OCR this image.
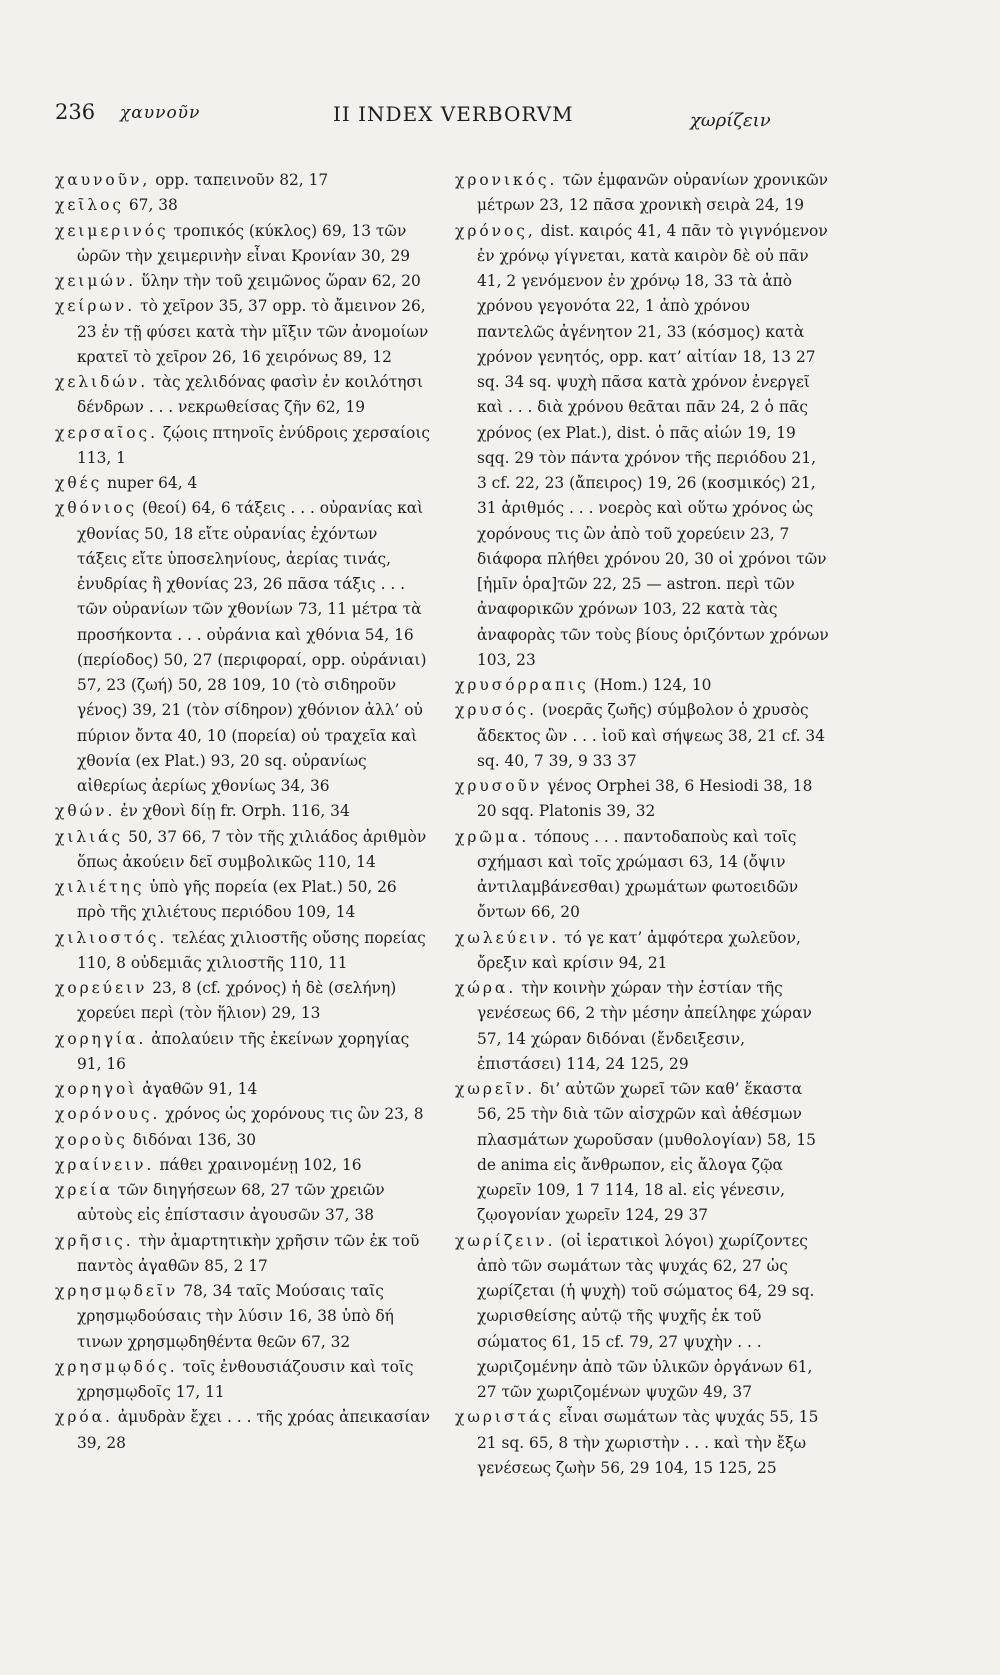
236 χαυνοῦν	II INDEX VERBORVM	χωρίζειν

χαυνοῦν, opp. ταπεινοῦν 82, 17

χεῖλος 67, 38

χειμερινός τροπικός (κύκλος) 69, 13 τῶν ὡρῶν τὴν χειμερινὴν εἶναι Κρονίαν 30, 29

χειμών. ὕλην τὴν τοῦ χειμῶνος ὥραν 62, 20

χείρων. τὸ χεῖρον 35, 37 opp. τὸ ἄμεινον 26, 23 ἐν τῇ φύσει κατὰ τὴν μῖξιν τῶν ἀνομοίων κρατεῖ τὸ χεῖρον 26, 16 χειρόνως 89, 12

χελιδών. τὰς χελιδόνας φασὶν ἐν κοιλότησι δένδρων . . . νεκρωθείσας ζῆν 62, 19

χερσαῖος. ζῴοις πτηνοῖς ἐνύδροις χερσαίοις 113, 1

χθές nuper 64, 4

χθόνιος (θεοί) 64, 6 τάξεις . . . οὐρανίας καὶ χθονίας 50, 18 εἴτε οὐρανίας ἐχόντων τάξεις εἴτε ὑποσεληνίους, ἀερίας τινάς, ἐνυδρίας ἢ χθονίας 23, 26 πᾶσα τάξις . . . τῶν οὐρανίων τῶν χθονίων 73, 11 μέτρα τὰ προσήκοντα . . . οὐράνια καὶ χθόνια 54, 16 (περίοδος) 50, 27 (περιφοραί, opp. οὐράνιαι) 57, 23 (ζωή) 50, 28 109, 10 (τὸ σιδηροῦν γένος) 39, 21 (τὸν σίδηρον) χθόνιον ἀλλ’ οὐ πύριον ὄντα 40, 10 (πορεία) οὐ τραχεῖα καὶ χθονία (ex Plat.) 93, 20 sq. οὐρανίως αἰθερίως ἀερίως χθονίως 34, 36

χθών. ἐν χθονὶ δίῃ fr. Orph. 116, 34

χιλιάς 50, 37 66, 7 τὸν τῆς χιλιάδος ἀριθμὸν ὅπως ἀκούειν δεῖ συμβολικῶς 110, 14

χιλιέτης ὑπὸ γῆς πορεία (ex Plat.) 50, 26 πρὸ τῆς χιλιέτους περιόδου 109, 14

χιλιοστός. τελέας χιλιοστῆς οὔσης πορείας 110, 8 οὐδεμιᾶς χιλιοστῆς 110, 11

χορεύειν 23, 8 (cf. χρόνος) ἡ δὲ (σελήνη) χορεύει περὶ (τὸν ἥλιον) 29, 13

χορηγία. ἀπολαύειν τῆς ἐκείνων χορηγίας 91, 16

χορηγοὶ ἀγαθῶν 91, 14

χορόνους. χρόνος ὡς χορόνους τις ὢν 23, 8

χοροὺς διδόναι 136, 30

χραίνειν. πάθει χραινομένῃ 102, 16

χρεία τῶν διηγήσεων 68, 27 τῶν χρειῶν αὐτοὺς εἰς ἐπίστασιν ἀγουσῶν 37, 38

χρῆσις. τὴν ἁμαρτητικὴν χρῆσιν τῶν ἐκ τοῦ παντὸς ἀγαθῶν 85, 2 17

χρησμῳδεῖν 78, 34 ταῖς Μούσαις ταῖς χρησμῳδούσαις τὴν λύσιν 16, 38 ὑπὸ δή τινων χρησμῳδηθέντα θεῶν 67, 32

χρησμῳδός. τοῖς ἐνθουσιάζουσιν καὶ τοῖς χρησμῳδοῖς 17, 11

χρόα. ἀμυδρὰν ἔχει . . . τῆς χρόας ἀπεικασίαν 39, 28

χρονικός. τῶν ἐμφανῶν οὐρανίων χρονικῶν μέτρων 23, 12 πᾶσα χρονικὴ σειρὰ 24, 19

χρόνος, dist. καιρός 41, 4 πᾶν τὸ γιγνόμενον ἐν χρόνῳ γίγνεται, κατὰ καιρὸν δὲ οὐ πᾶν 41, 2 γενόμενον ἐν χρόνῳ 18, 33 τὰ ἀπὸ χρόνου γεγονότα 22, 1 ἀπὸ χρόνου παντελῶς ἀγένητον 21, 33 (κόσμος) κατὰ χρόνον γενητός, opp. κατ’ αἰτίαν 18, 13 27 sq. 34 sq. ψυχὴ πᾶσα κατὰ χρόνον ἐνεργεῖ καὶ . . . διὰ χρόνου θεᾶται πᾶν 24, 2 ὁ πᾶς χρόνος (ex Plat.), dist. ὁ πᾶς αἰών 19, 19 sqq. 29 τὸν πάντα χρόνον τῆς περιόδου 21, 3 cf. 22, 23 (ἄπειρος) 19, 26 (κοσμικός) 21, 31 ἀριθμός . . . νοερὸς καὶ οὕτω χρόνος ὡς χορόνους τις ὢν ἀπὸ τοῦ χορεύειν 23, 7 διάφορα πλήθει χρόνου 20, 30 οἱ χρόνοι τῶν [ἡμῖν ὁρα]τῶν 22, 25 — astron. περὶ τῶν ἀναφορικῶν χρόνων 103, 22 κατὰ τὰς ἀναφορὰς τῶν τοὺς βίους ὁριζόντων χρόνων 103, 23

χρυσόρραπις (Hom.) 124, 10

χρυσός. (νοερᾶς ζωῆς) σύμβολον ὁ χρυσὸς ἄδεκτος ὢν . . . ἰοῦ καὶ σήψεως 38, 21 cf. 34 sq. 40, 7 39, 9 33 37

χρυσοῦν γένος Orphei 38, 6 Hesiodi 38, 18 20 sqq. Platonis 39, 32

χρῶμα. τόπους . . . παντοδαποὺς καὶ τοῖς σχήμασι καὶ τοῖς χρώμασι 63, 14 (ὄψιν ἀντιλαμβάνεσθαι) χρωμάτων φωτοειδῶν ὄντων 66, 20

χωλεύειν. τό γε κατ’ ἀμφότερα χωλεῦον, ὄρεξιν καὶ κρίσιν 94, 21

χώρα. τὴν κοινὴν χώραν τὴν ἑστίαν τῆς γενέσεως 66, 2 τὴν μέσην ἀπείληφε χώραν 57, 14 χώραν διδόναι (ἔνδειξεσιν, ἐπιστάσει) 114, 24 125, 29

χωρεῖν. δι’ αὐτῶν χωρεῖ τῶν καθ’ ἕκαστα 56, 25 τὴν διὰ τῶν αἰσχρῶν καὶ ἀθέσμων πλασμάτων χωροῦσαν (μυθολογίαν) 58, 15 de anima εἰς ἄνθρωπον, εἰς ἄλογα ζῷα χωρεῖν 109, 1 7 114, 18 al. εἰς γένεσιν, ζῳογονίαν χωρεῖν 124, 29 37

χωρίζειν. (οἱ ἱερατικοὶ λόγοι) χωρίζοντες ἀπὸ τῶν σωμάτων τὰς ψυχάς 62, 27 ὡς χωρίζεται (ἡ ψυχὴ) τοῦ σώματος 64, 29 sq. χωρισθείσης αὐτῷ τῆς ψυχῆς ἐκ τοῦ σώματος 61, 15 cf. 79, 27 ψυχὴν . . . χωριζομένην ἀπὸ τῶν ὑλικῶν ὀργάνων 61, 27 τῶν χωριζομένων ψυχῶν 49, 37

χωριστάς εἶναι σωμάτων τὰς ψυχάς 55, 15 21 sq. 65, 8 τὴν χωριστὴν . . . καὶ τὴν ἔξω γενέσεως ζωὴν 56, 29 104, 15 125, 25
